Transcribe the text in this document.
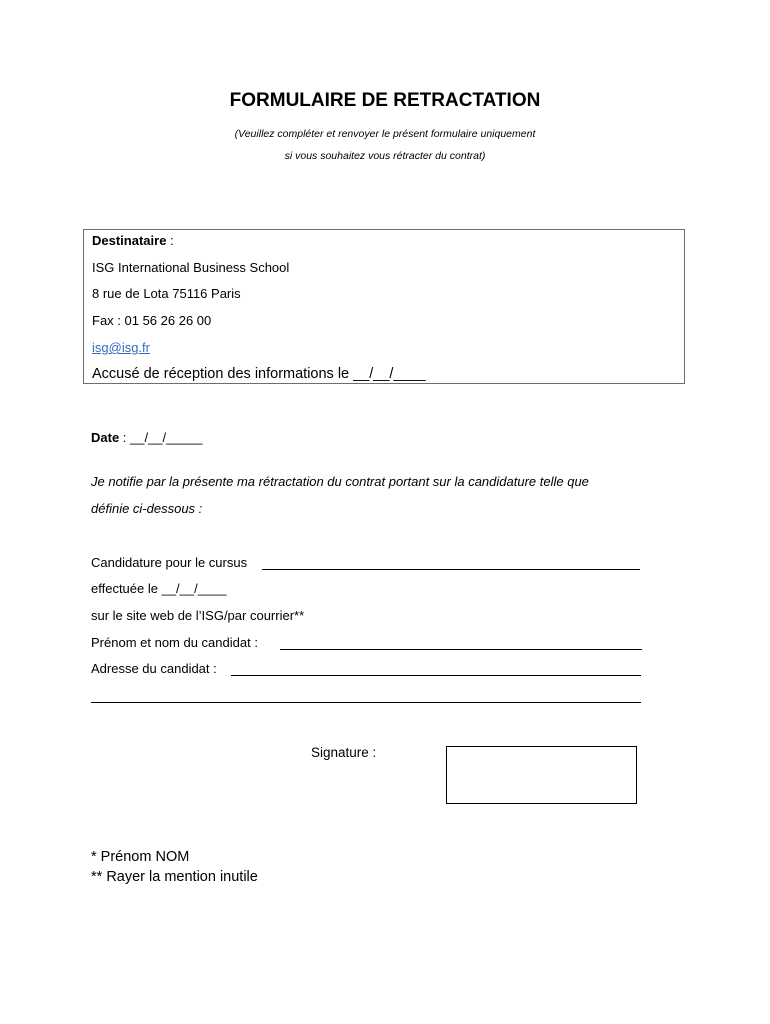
FORMULAIRE DE RETRACTATION
(Veuillez compléter et renvoyer le présent formulaire uniquement
si vous souhaitez vous rétracter du contrat)
Destinataire :
ISG International Business School
8 rue de Lota 75116 Paris
Fax : 01 56 26 26 00
isg@isg.fr
Accusé de réception des informations le __/__/____
Date : __/__/_____
Je notifie par la présente ma rétractation du contrat portant sur la candidature telle que
définie ci-dessous :
Candidature pour le cursus
effectuée le __/__/____
sur le site web de l’ISG/par courrier**
Prénom et nom du candidat :
Adresse du candidat :
Signature :
* Prénom NOM
** Rayer la mention inutile
